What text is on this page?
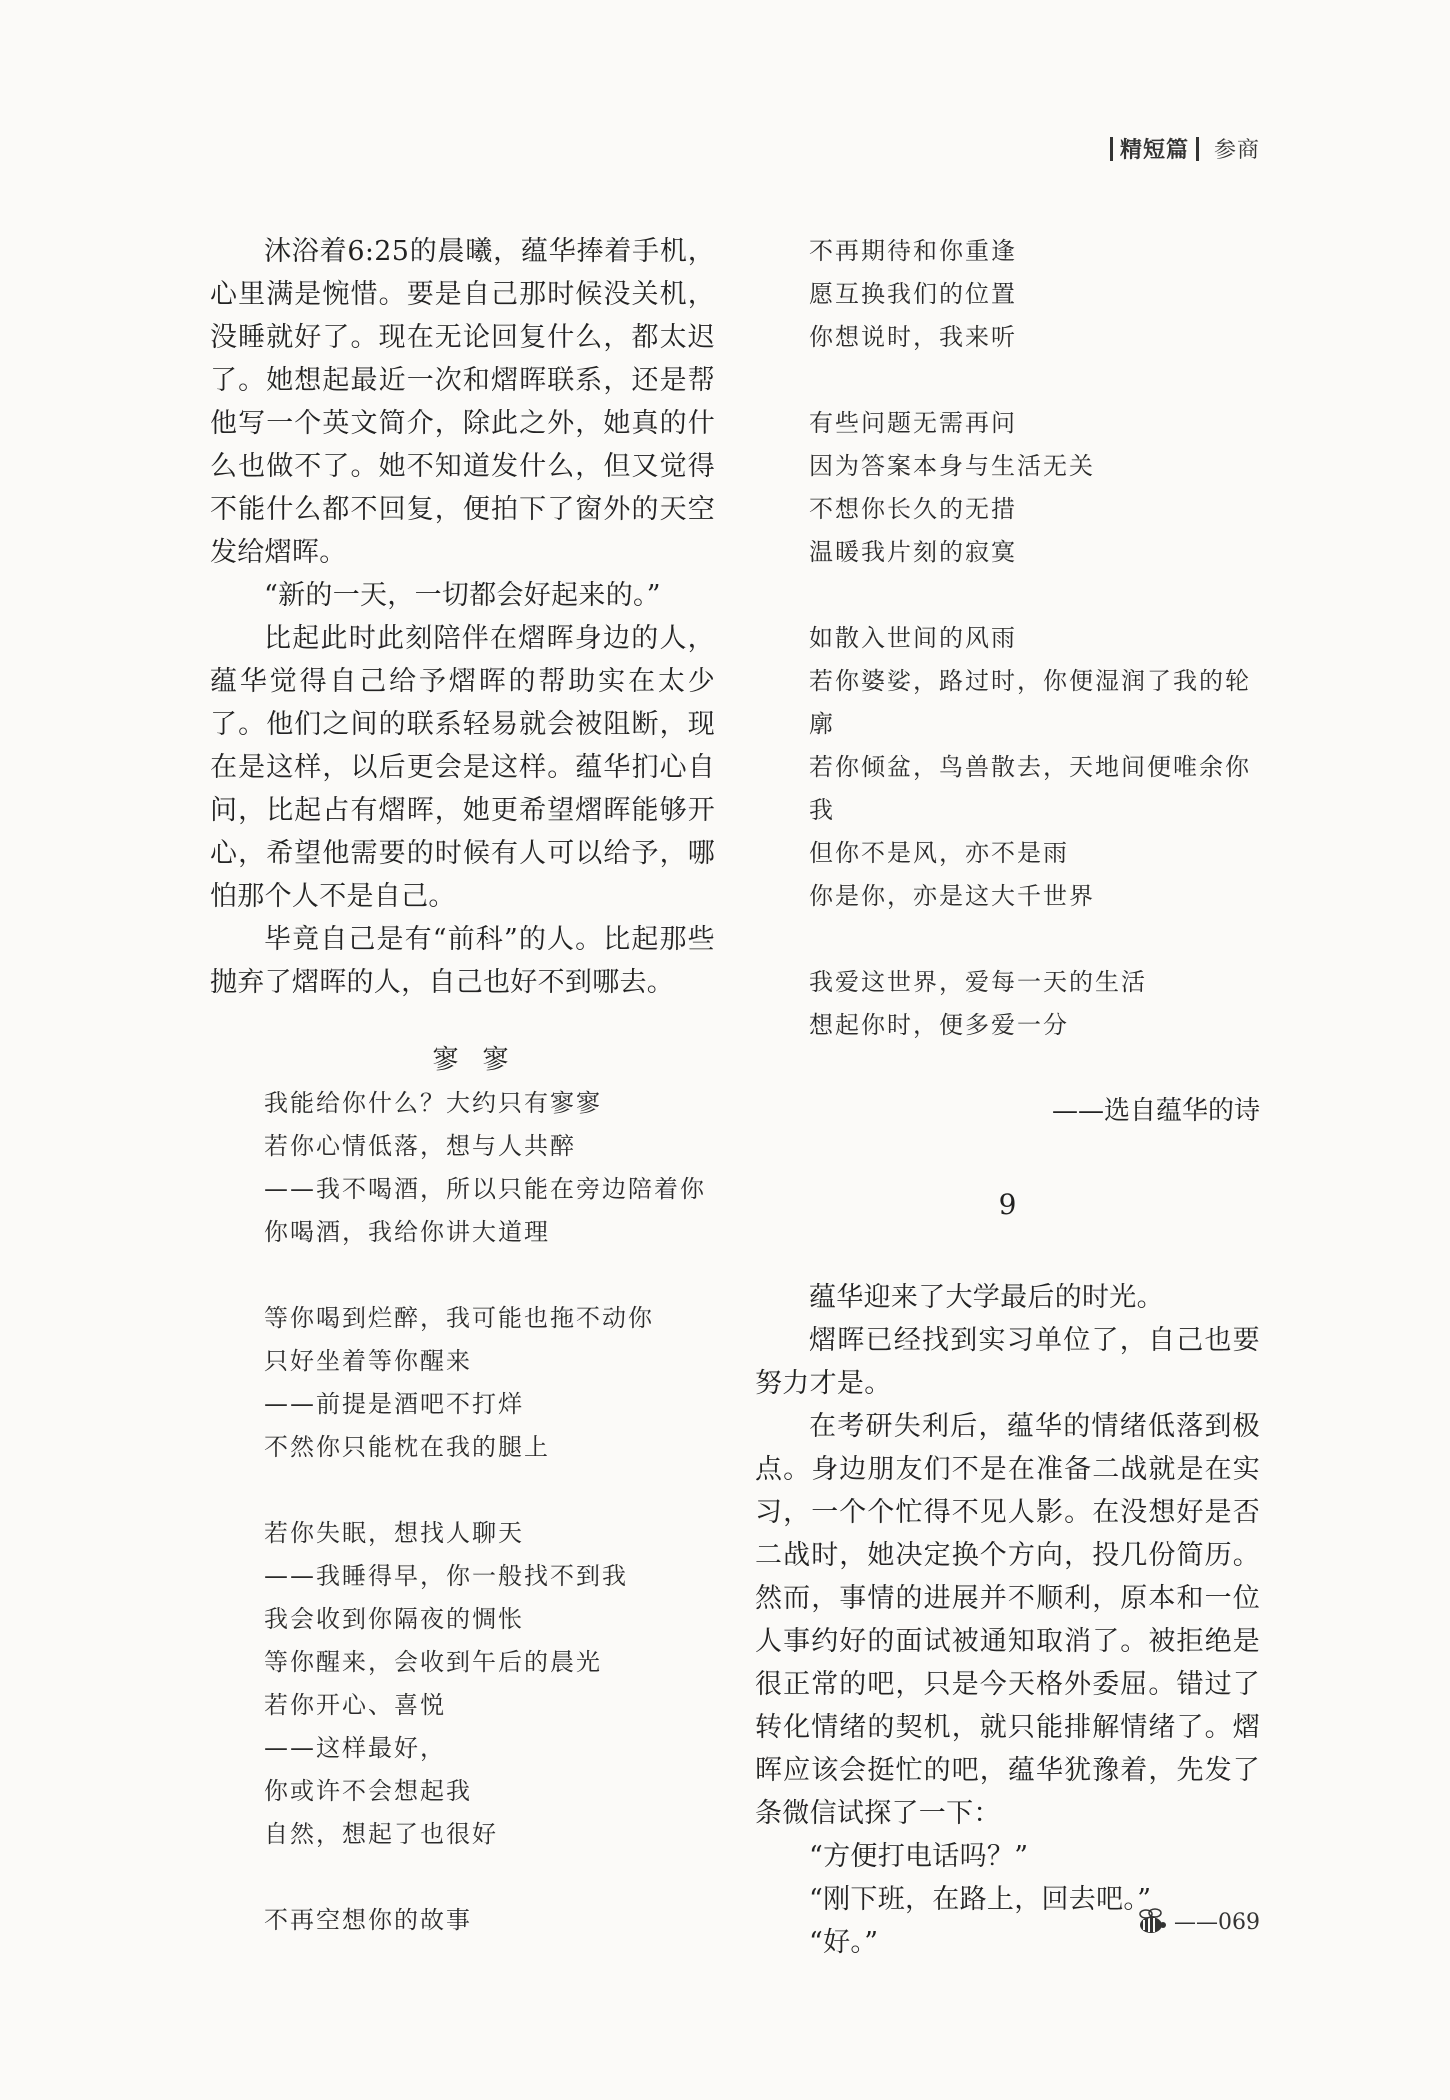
精短篇 参商

沐浴着6:25的晨曦，蕴华捧着手机，心里满是惋惜。要是自己那时候没关机，没睡就好了。现在无论回复什么，都太迟了。她想起最近一次和熠晖联系，还是帮他写一个英文简介，除此之外，她真的什么也做不了。她不知道发什么，但又觉得不能什么都不回复，便拍下了窗外的天空发给熠晖。

“新的一天，一切都会好起来的。”

比起此时此刻陪伴在熠晖身边的人，蕴华觉得自己给予熠晖的帮助实在太少了。他们之间的联系轻易就会被阻断，现在是这样，以后更会是这样。蕴华扪心自问，比起占有熠晖，她更希望熠晖能够开心，希望他需要的时候有人可以给予，哪怕那个人不是自己。

毕竟自己是有“前科”的人。比起那些抛弃了熠晖的人，自己也好不到哪去。

寥寥
我能给你什么？大约只有寥寥
若你心情低落，想与人共醉
——我不喝酒，所以只能在旁边陪着你
你喝酒，我给你讲大道理
等你喝到烂醉，我可能也拖不动你
只好坐着等你醒来
——前提是酒吧不打烊
不然你只能枕在我的腿上
若你失眠，想找人聊天
——我睡得早，你一般找不到我
我会收到你隔夜的惆怅
等你醒来，会收到午后的晨光
若你开心、喜悦
——这样最好，
你或许不会想起我
自然，想起了也很好
不再空想你的故事
不再期待和你重逢
愿互换我们的位置
你想说时，我来听
有些问题无需再问
因为答案本身与生活无关
不想你长久的无措
温暖我片刻的寂寞
如散入世间的风雨
若你婆娑，路过时，你便湿润了我的轮廓
若你倾盆，鸟兽散去，天地间便唯余你我
但你不是风，亦不是雨
你是你，亦是这大千世界
我爱这世界，爱每一天的生活
想起你时，便多爱一分
——选自蕴华的诗
9

蕴华迎来了大学最后的时光。

熠晖已经找到实习单位了，自己也要努力才是。

在考研失利后，蕴华的情绪低落到极点。身边朋友们不是在准备二战就是在实习，一个个忙得不见人影。在没想好是否二战时，她决定换个方向，投几份简历。然而，事情的进展并不顺利，原本和一位人事约好的面试被通知取消了。被拒绝是很正常的吧，只是今天格外委屈。错过了转化情绪的契机，就只能排解情绪了。熠晖应该会挺忙的吧，蕴华犹豫着，先发了条微信试探了一下：

“方便打电话吗？”

“刚下班，在路上，回去吧。”

“好。”

——069
